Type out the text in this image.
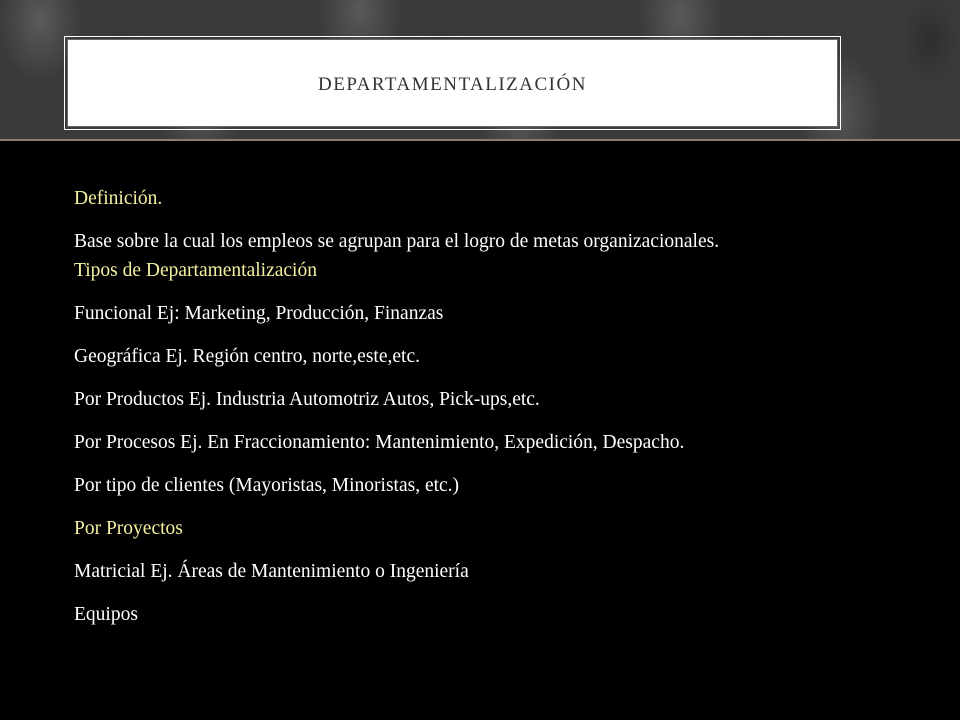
DEPARTAMENTALIZACIÓN
Definición.
Base sobre la cual los empleos se agrupan para el logro de metas organizacionales.
Tipos de Departamentalización
Funcional Ej: Marketing, Producción, Finanzas
Geográfica Ej. Región centro, norte,este,etc.
Por Productos Ej. Industria Automotriz Autos, Pick-ups,etc.
Por Procesos Ej. En Fraccionamiento: Mantenimiento, Expedición, Despacho.
Por tipo de clientes (Mayoristas, Minoristas, etc.)
Por Proyectos
Matricial Ej. Áreas de Mantenimiento o Ingeniería
Equipos
